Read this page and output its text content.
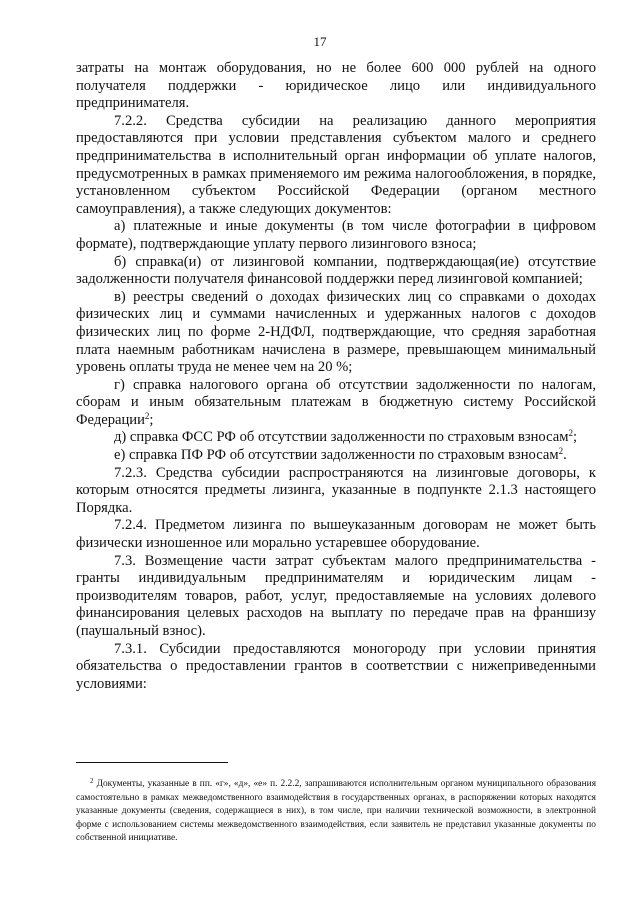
17

затраты на монтаж оборудования, но не более 600 000 рублей на одного получателя поддержки - юридическое лицо или индивидуального предпринимателя.

7.2.2. Средства субсидии на реализацию данного мероприятия предоставляются при условии представления субъектом малого и среднего предпринимательства в исполнительный орган информации об уплате налогов, предусмотренных в рамках применяемого им режима налогообложения, в порядке, установленном субъектом Российской Федерации (органом местного самоуправления), а также следующих документов:

а) платежные и иные документы (в том числе фотографии в цифровом формате), подтверждающие уплату первого лизингового взноса;

б) справка(и) от лизинговой компании, подтверждающая(ие) отсутствие задолженности получателя финансовой поддержки перед лизинговой компанией;

в) реестры сведений о доходах физических лиц со справками о доходах физических лиц и суммами начисленных и удержанных налогов с доходов физических лиц по форме 2-НДФЛ, подтверждающие, что средняя заработная плата наемным работникам начислена в размере, превышающем минимальный уровень оплаты труда не менее чем на 20 %;

г) справка налогового органа об отсутствии задолженности по налогам, сборам и иным обязательным платежам в бюджетную систему Российской Федерации$^2$;

д) справка ФСС РФ об отсутствии задолженности по страховым взносам$^2$;

е) справка ПФ РФ об отсутствии задолженности по страховым взносам$^2$.

7.2.3. Средства субсидии распространяются на лизинговые договоры, к которым относятся предметы лизинга, указанные в подпункте 2.1.3 настоящего Порядка.

7.2.4. Предметом лизинга по вышеуказанным договорам не может быть физически изношенное или морально устаревшее оборудование.

7.3. Возмещение части затрат субъектам малого предпринимательства - гранты индивидуальным предпринимателям и юридическим лицам - производителям товаров, работ, услуг, предоставляемые на условиях долевого финансирования целевых расходов на выплату по передаче прав на франшизу (паушальный взнос).

7.3.1. Субсидии предоставляются моногороду при условии принятия обязательства о предоставлении грантов в соответствии с нижеприведенными условиями:

$^2$ Документы, указанные в пп. «г», «д», «е» п. 2.2.2, запрашиваются исполнительным органом муниципального образования самостоятельно в рамках межведомственного взаимодействия в государственных органах, в распоряжении которых находятся указанные документы (сведения, содержащиеся в них), в том числе, при наличии технической возможности, в электронной форме с использованием системы межведомственного взаимодействия, если заявитель не представил указанные документы по собственной инициативе.
